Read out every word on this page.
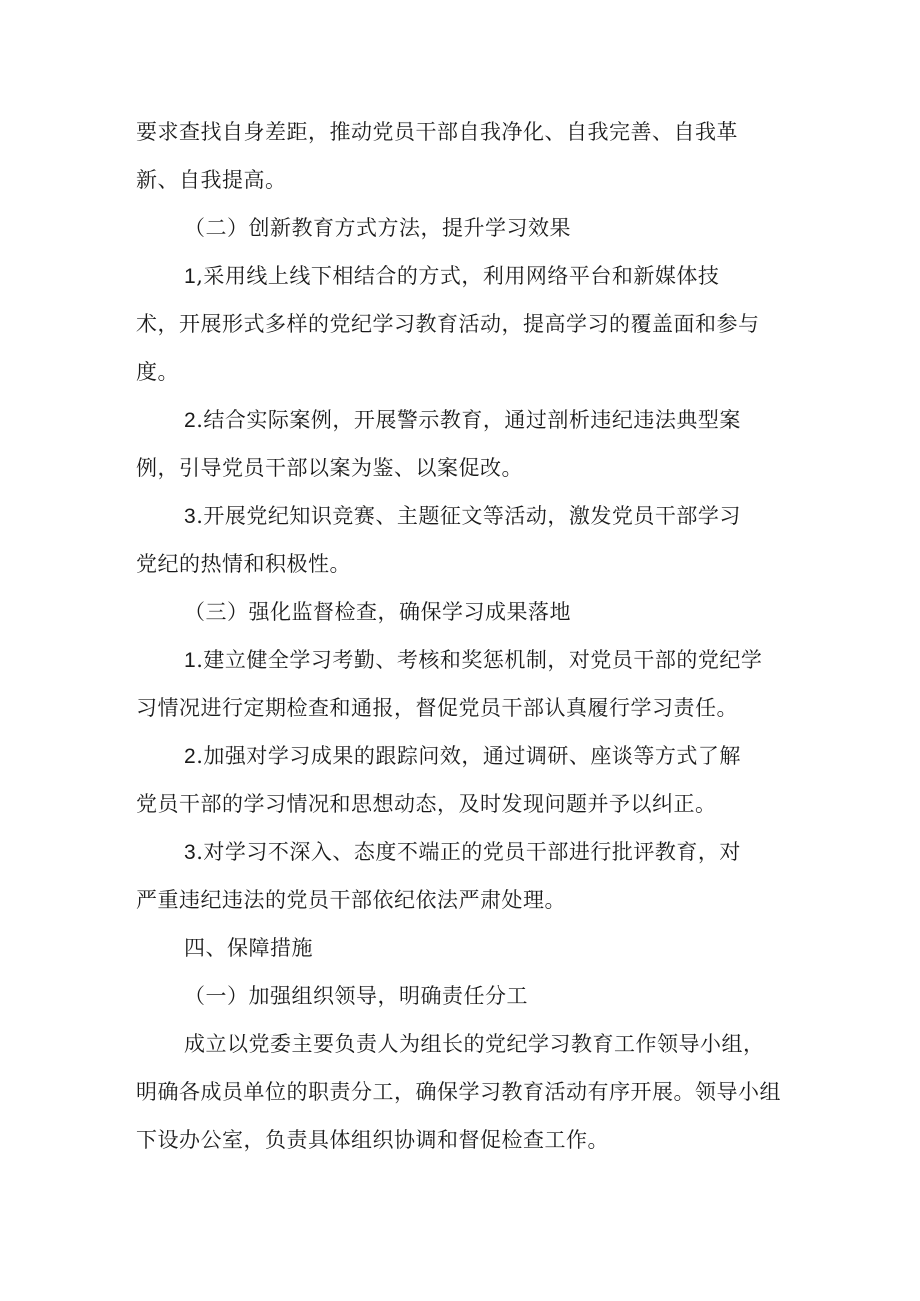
要求查找自身差距，推动党员干部自我净化、自我完善、自我革
新、自我提高。
（二）创新教育方式方法，提升学习效果
1,采用线上线下相结合的方式，利用网络平台和新媒体技
术，开展形式多样的党纪学习教育活动，提高学习的覆盖面和参与
度。
2.结合实际案例，开展警示教育，通过剖析违纪违法典型案
例，引导党员干部以案为鉴、以案促改。
3.开展党纪知识竞赛、主题征文等活动，激发党员干部学习
党纪的热情和积极性。
（三）强化监督检查，确保学习成果落地
1.建立健全学习考勤、考核和奖惩机制，对党员干部的党纪学
习情况进行定期检查和通报，督促党员干部认真履行学习责任。
2.加强对学习成果的跟踪问效，通过调研、座谈等方式了解
党员干部的学习情况和思想动态，及时发现问题并予以纠正。
3.对学习不深入、态度不端正的党员干部进行批评教育，对
严重违纪违法的党员干部依纪依法严肃处理。
四、保障措施
（一）加强组织领导，明确责任分工
成立以党委主要负责人为组长的党纪学习教育工作领导小组，
明确各成员单位的职责分工，确保学习教育活动有序开展。领导小组
下设办公室，负责具体组织协调和督促检查工作。
